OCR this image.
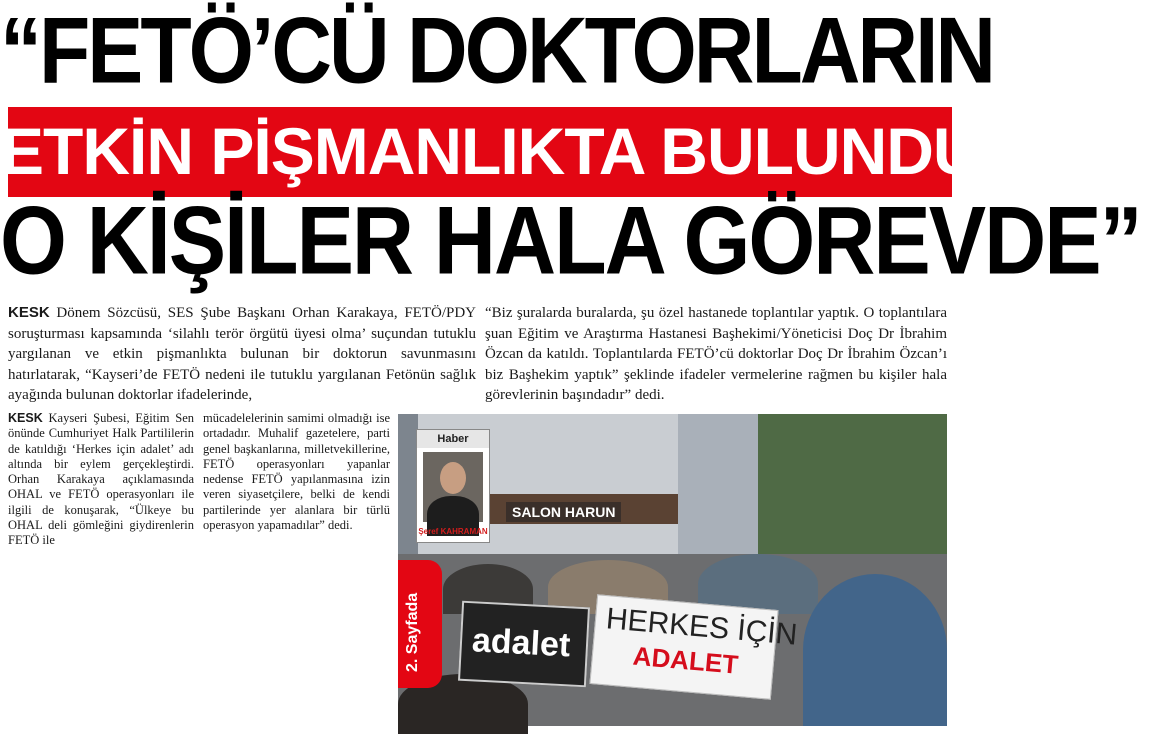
“FETÖ’CÜ DOKTORLARIN
ETKİN PİŞMANLIKTA BULUNDUKLARI
O KİŞİLER HALA GÖREVDE”
KESK Dönem Sözcüsü, SES Şube Başkanı Orhan Karakaya, FETÖ/PDY soruşturması kapsamında ‘silahlı terör örgütü üyesi olma’ suçundan tutuklu yargılanan ve etkin pişmanlıkta bulunan bir doktorun savunmasını hatırlatarak, “Kayseri’de FETÖ nedeni ile tutuklu yargılanan Fetönün sağlık ayağında bulunan doktorlar ifadelerinde,
“Biz şuralarda buralarda, şu özel hastanede toplantılar yaptık. O toplantılara şuan Eğitim ve Araştırma Hastanesi Başhekimi/Yöneticisi Doç Dr İbrahim Özcan da katıldı. Toplantılarda FETÖ’cü doktorlar Doç Dr İbrahim Özcan’ı biz Başhekim yaptık” şeklinde ifadeler vermelerine rağmen bu kişiler hala görevlerinin başındadır” dedi.
KESK Kayseri Şubesi, Eğitim Sen önünde Cumhuriyet Halk Partililerin de katıldığı ‘Herkes için adalet’ adı altında bir eylem gerçekleştirdi. Orhan Karakaya açıklamasında OHAL ve FETÖ operasyonları ile ilgili de konuşarak, “Ülkeye bu OHAL deli gömleğini giydirenlerin FETÖ ile
mücadelelerinin samimi olmadığı ise ortadadır. Muhalif gazetelere, parti genel başkanlarına, milletvekillerine, FETÖ operasyonları yapanlar nedense FETÖ yapılanmasına izin veren siyasetçilere, belki de kendi partilerinde yer alanlara bir türlü operasyon yapamadılar” dedi.
SALON HARUN
adalet HERKES İÇİN
ADALET
Haber
Şeref KAHRAMAN
2. Sayfada
